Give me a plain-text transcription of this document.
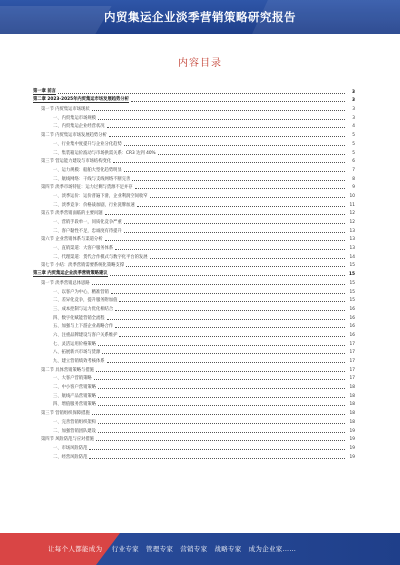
内贸集运企业淡季营销策略研究报告
内容目录
第一章 前言	3
第二章 2023-2025年内贸集运市场发展趋势分析	3
第一节 内贸集运市场现状	3
一、内贸集运市场规模	3
二、内贸集运企业经营状况	4
第二节 内贸集运市场发展趋势分析	5
一、行业集中度提升与企业分化趋势	5
二、集装箱运价波动与市场供需关系：CR3 达到 40%	5
第三节 营运能力建设与市场结构变化	6
一、运力规模：船舶大型化趋势明显	7
二、航线网络：干线与支线网络不断完善	8
第四节 淡季市场特征：运力过剩与货源不足并存	9
一、淡季运价：运价普遍下滑，企业利润空间收窄	10
二、淡季竞争：价格战加剧，行业洗牌加速	11
第五节 淡季营销面临的主要问题	12
一、营销手段单一，同质化竞争严重	12
二、客户黏性不足，忠诚度有待提升	13
第六节 企业营销体系与渠道分析	13
一、直销渠道：大客户服务体系	13
二、代理渠道：货代合作模式与数字化平台的发展	14
第七节 小结：淡季营销需要系统化策略支撑	15
第三章 内贸集运企业淡季营销策略建议	15
第一节 淡季营销总体思路	15
一、以客户为中心，精准营销	15
二、差异化竞争，提升服务附加值	15
三、成本控制与运力优化相结合	16
四、数字化赋能营销全流程	16
五、加强与上下游企业战略合作	16
六、注重品牌建设与客户关系维护	16
七、灵活运用价格策略	17
八、拓展新兴市场与货源	17
九、建立营销绩效考核体系	17
第二节 具体营销策略与措施	17
一、大客户营销策略	17
二、中小客户营销策略	18
三、航线产品营销策略	18
四、增值服务营销策略	18
第三节 营销组织保障措施	18
一、完善营销组织架构	18
二、加强营销团队建设	19
第四节 风险防范与应对措施	19
一、市场风险防范	19
二、经营风险防范	19
让每个人都能成为 行业专家 管理专家 营销专家 战略专家 成为企业家……
